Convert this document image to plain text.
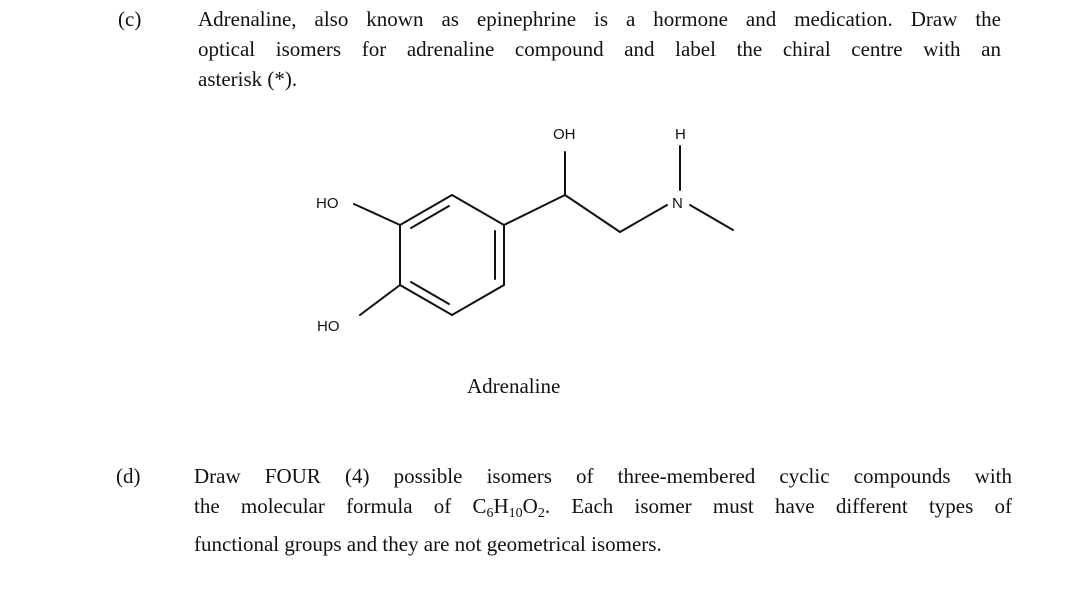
(c)	Adrenaline, also known as epinephrine is a hormone and medication. Draw the
optical isomers for adrenaline compound and label the chiral centre with an
asterisk (*).
HO
HO
OH
N
H
Adrenaline
(d)	Draw FOUR (4) possible isomers of three-membered cyclic compounds with
the molecular formula of $C_6H_{10}O_2$. Each isomer must have different types of
functional groups and they are not geometrical isomers.
